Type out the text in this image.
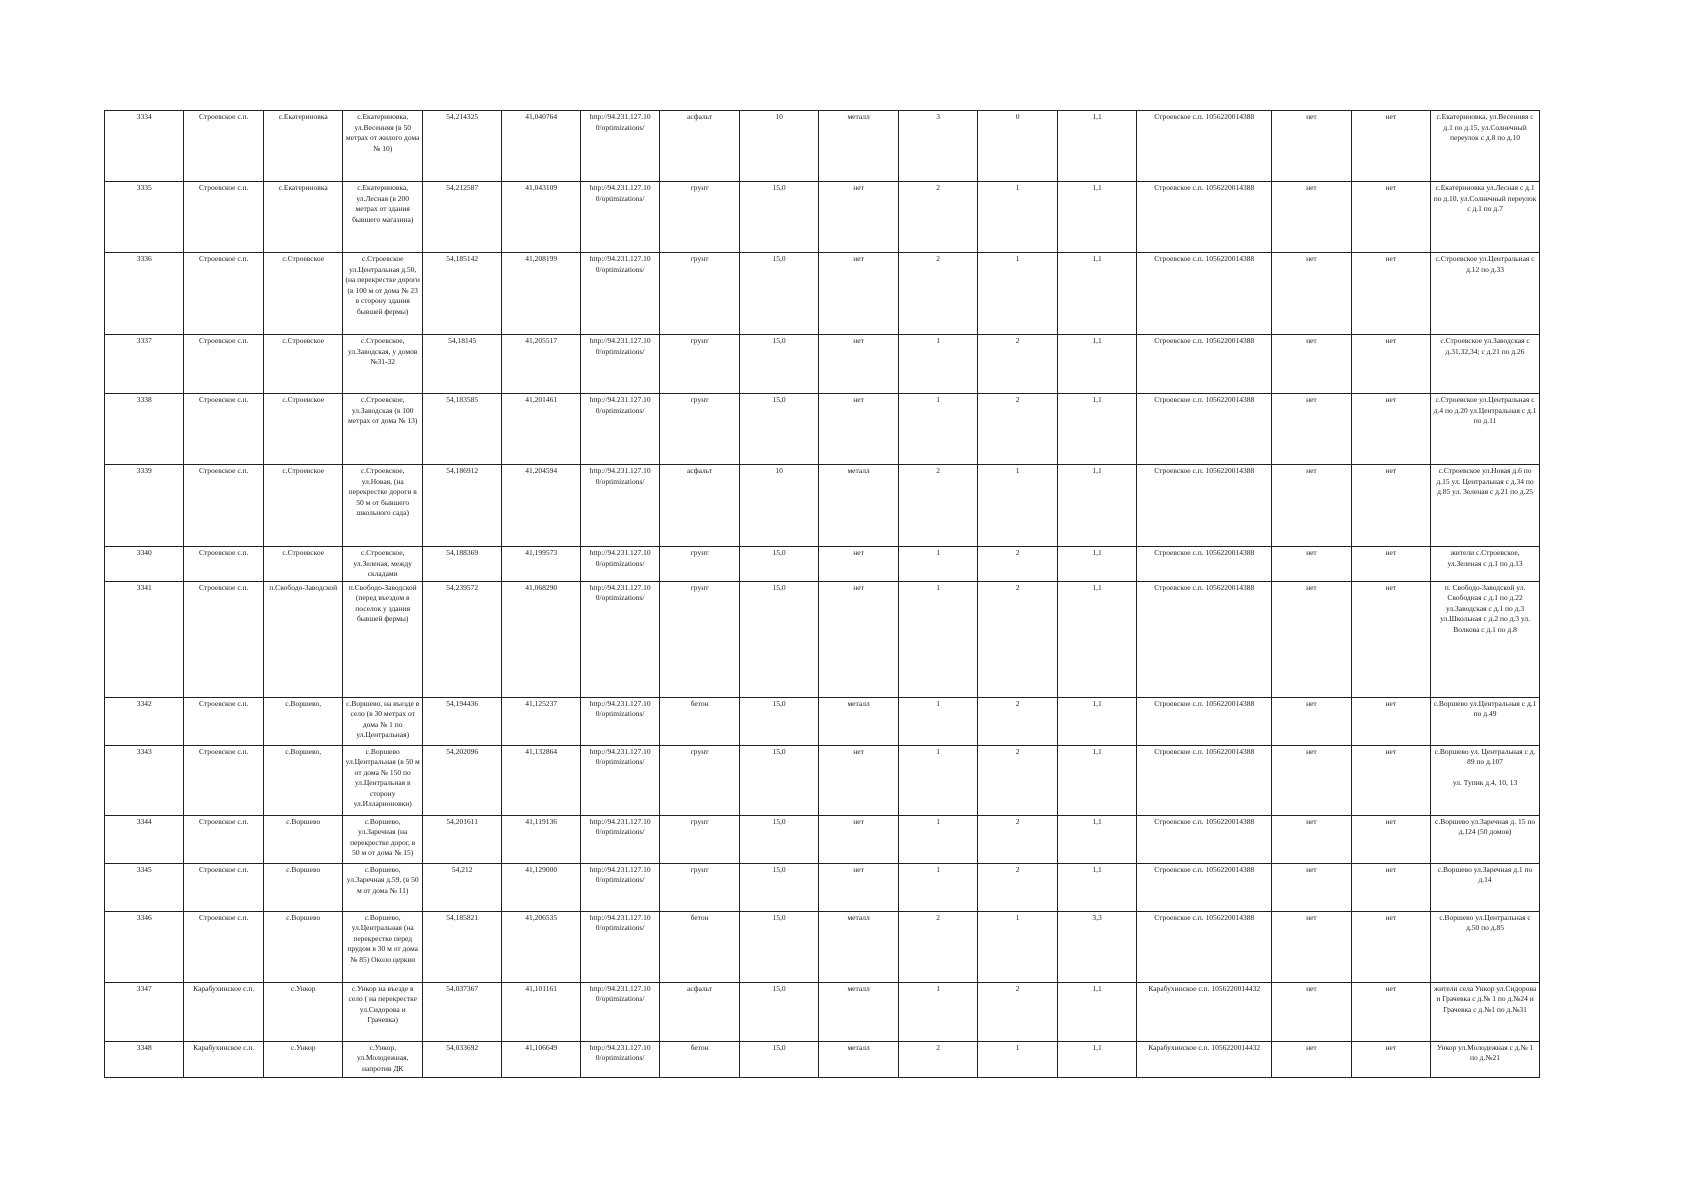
3334	Строевское с.п.	с.Екатериновка	с.Екатериновка, ул.Весенняя (в 50 метрах от жилого дома № 10)	54,214325	41,040764	http://94.231.127.10 0/optimizations/	асфальт	10	металл	3	0	1,1	Строевское с.п. 1056220014388	нет	нет	с.Екатериновка, ул.Весенняя с д.1 по д.15, ул.Солнечный переулок с д.8 по д.10
3335	Строевское с.п.	с.Екатериновка	с.Екатериновка, ул.Лесная (в 200 метрах от здания бывшего магазина)	54,212587	41,043109	http://94.231.127.10 0/optimizations/	грунт	15,0	нет	2	1	1,1	Строевское с.п. 1056220014388	нет	нет	с.Екатериновка ул.Лесная с д.1 по д.10, ул.Солнечный переулок с д.1 по д.7
3336	Строевское с.п.	с.Строевское	с.Строевское ул.Центральная д.50, (на перекрестке дороги (в 100 м от дома № 23 в сторону здания бывшей фермы)	54,185142	41,208199	http://94.231.127.10 0/optimizations/	грунт	15,0	нет	2	1	1,1	Строевское с.п. 1056220014388	нет	нет	с.Строевское ул.Центральная с д.12 по д.33
3337	Строевское с.п.	с.Строевское	с.Строевское, ул.Заводская, у домов №31-32	54,18145	41,205517	http://94.231.127.10 0/optimizations/	грунт	15,0	нет	1	2	1,1	Строевское с.п. 1056220014388	нет	нет	с.Строевское ул.Заводская с д.31,32,34; с д.21 по д.26
3338	Строевское с.п.	с.Строевское	с.Строевское, ул.Заводская (в 100 метрах от дома № 13)	54,183585	41,201461	http://94.231.127.10 0/optimizations/	грунт	15,0	нет	1	2	1,1	Строевское с.п. 1056220014388	нет	нет	с.Строевское ул.Центральная с д.4 по д.20 ул.Центральная с д.1 по д.11
3339	Строевское с.п.	с.Строевское	с.Строевское, ул.Новая, (на перекрестке дороги в 50 м от бывшего школьного сада)	54,186912	41,204594	http://94.231.127.10 0/optimizations/	асфальт	10	металл	2	1	1,1	Строевское с.п. 1056220014388	нет	нет	с.Строевское ул.Новая д.6 по д.15 ул. Центральная с д.34 по д.85 ул. Зеленая с д.21 по д.25
3340	Строевское с.п.	с.Строевское	с.Строевское, ул.Зеленая, между складами	54,188369	41,199573	http://94.231.127.10 0/optimizations/	грунт	15,0	нет	1	2	1,1	Строевское с.п. 1056220014388	нет	нет	жители с.Строевское, ул.Зеленая с д.1 по д.13
3341	Строевское с.п.	п.Свободо-Заводской	п.Свободо-Заводской (перед въездом в поселок у здания бывшей фермы)	54,239572	41,068290	http://94.231.127.10 0/optimizations/	грунт	15,0	нет	1	2	1,1	Строевское с.п. 1056220014388	нет	нет	п. Свободо-Заводской ул. Свободная с д.1 по д.22 ул.Заводская с д.1 по д.3 ул.Школьная с д.2 по д.3 ул. Волкова с д.1 по д.8
3342	Строевское с.п.	с.Воршево,	с.Воршево, на въезде в село (в 30 метрах от дома № 1 по ул.Центральная)	54,194436	41,125237	http://94.231.127.10 0/optimizations/	бетон	15,0	металл	1	2	1,1	Строевское с.п. 1056220014388	нет	нет	с.Воршево ул.Центральная с д.1 по д.49
3343	Строевское с.п.	с.Воршево,	с.Воршево ул.Центральная (в 50 м от дома № 150 по ул.Центральная в сторону ул.Илларионовки)	54,202096	41,132864	http://94.231.127.10 0/optimizations/	грунт	15,0	нет	1	2	1,1	Строевское с.п. 1056220014388	нет	нет	с.Воршево ул. Центральная с д. 89 по д.107

ул. Тупик д.4, 10, 13
3344	Строевское с.п.	с.Воршево	с.Воршево, ул.Заречная (на перекрестке дорог, в 50 м от дома № 15)	54,201611	41,119136	http://94.231.127.10 0/optimizations/	грунт	15,0	нет	1	2	1,1	Строевское с.п. 1056220014388	нет	нет	с.Воршево ул.Заречная д. 15 по д.124 (50 домов)
3345	Строевское с.п.	с.Воршево	с.Воршево, ул.Заречная д.59, (в 50 м от дома № 11)	54,212	41,129000	http://94.231.127.10 0/optimizations/	грунт	15,0	нет	1	2	1,1	Строевское с.п. 1056220014388	нет	нет	с.Воршево ул.Заречная д.1 по д.14
3346	Строевское с.п.	с.Воршево	с.Воршево, ул.Центральная (на перекрестке перед прудом в 30 м от дома № 85) Около церкви	54,185821	41,206535	http://94.231.127.10 0/optimizations/	бетон	15,0	металл	2	1	3,3	Строевское с.п. 1056220014388	нет	нет	с.Воршево ул.Центральная с д.50 по д.85
3347	Карабухинское с.п.	с.Ункор	с.Ункор на въезде в село ( на перекрестке ул.Сидорова и Грачевка)	54,037367	41,101161	http://94.231.127.10 0/optimizations/	асфальт	15,0	металл	1	2	1,1	Карабухинское с.п. 1056220014432	нет	нет	жители села Ункор ул.Сидорова и Грачевка с д.№ 1 по д.№24 и Грачевка с д.№1 по д.№31
3348	Карабухинское с.п.	с.Ункор	с.Ункор, ул.Молодежная, напротив ДК	54,033692	41,106649	http://94.231.127.10 0/optimizations/	бетон	15,0	металл	2	1	1,1	Карабухинское с.п. 1056220014432	нет	нет	Ункор ул.Молодежная с д.№ 1 по д.№21
